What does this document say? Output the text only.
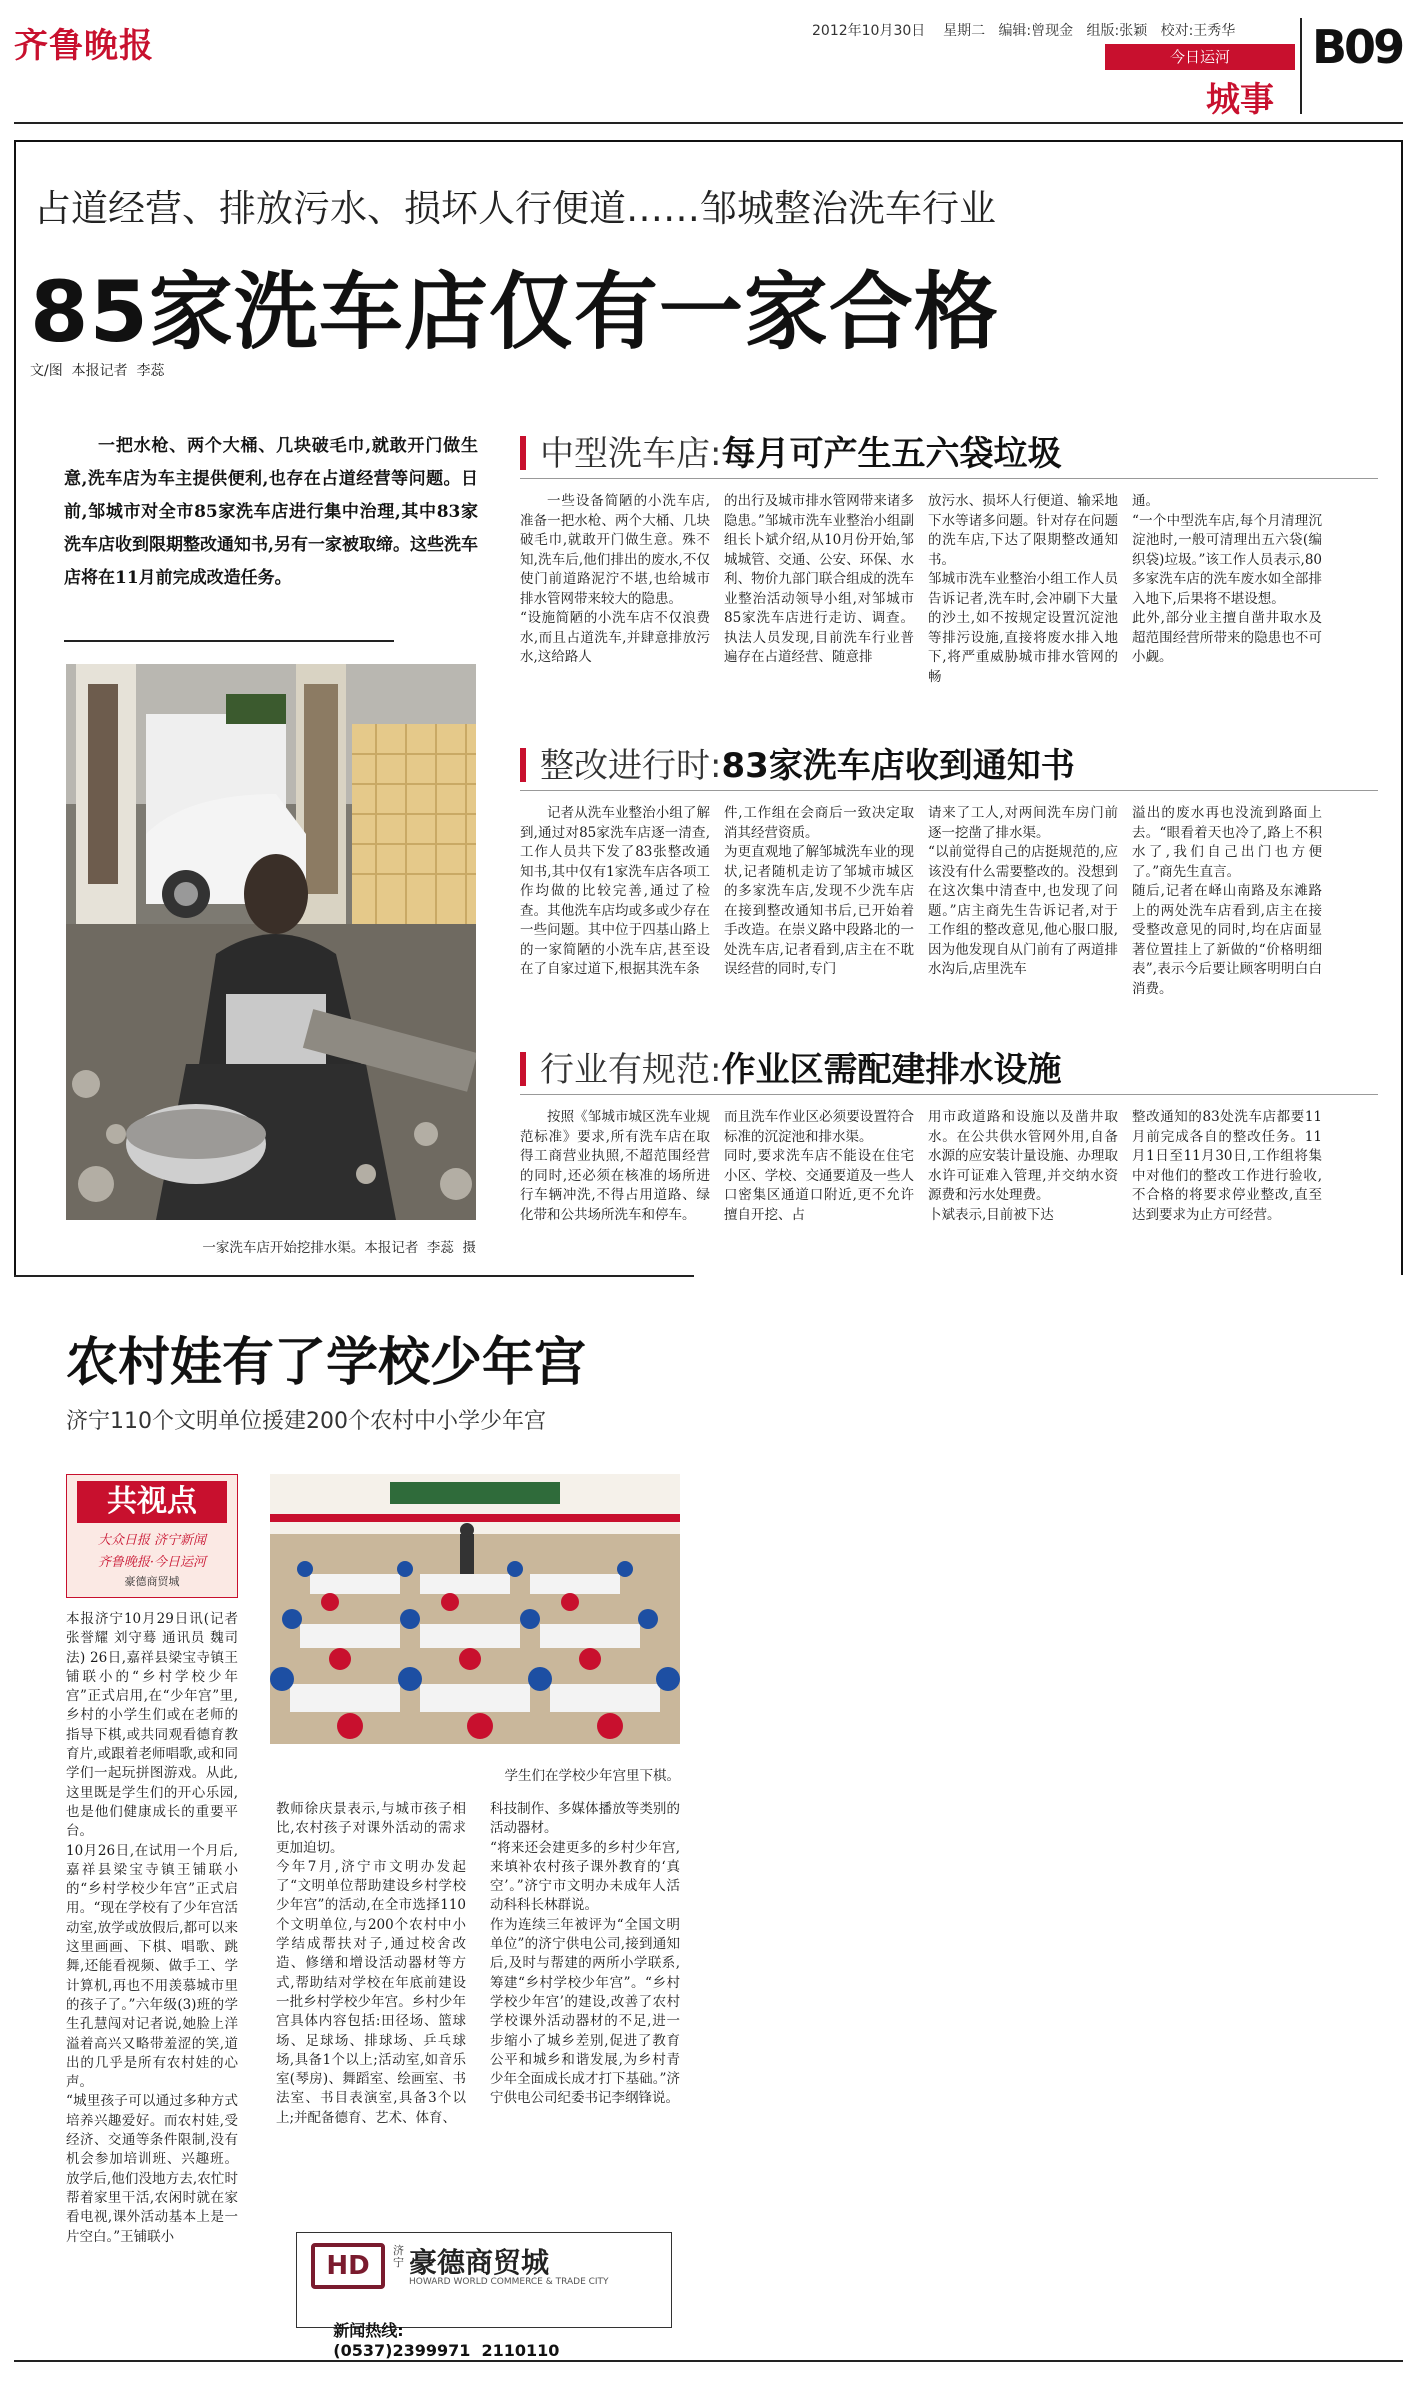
齐鲁晚报	2012年10月30日 星期二 编辑:曾现金 组版:张颖 校对:王秀华
今日运河
城事
B09
占道经营、排放污水、损坏人行便道……邹城整治洗车行业
85家洗车店仅有一家合格
文/图  本报记者  李蕊
一把水枪、两个大桶、几块破毛巾,就敢开门做生意,洗车店为车主提供便利,也存在占道经营等问题。日前,邹城市对全市85家洗车店进行集中治理,其中83家洗车店收到限期整改通知书,另有一家被取缔。这些洗车店将在11月前完成改造任务。
一家洗车店开始挖排水渠。本报记者  李蕊  摄
中型洗车店:每月可产生五六袋垃圾
一些设备简陋的小洗车店,准备一把水枪、两个大桶、几块破毛巾,就敢开门做生意。殊不知,洗车后,他们排出的废水,不仅使门前道路泥泞不堪,也给城市排水管网带来较大的隐患。
“设施简陋的小洗车店不仅浪费水,而且占道洗车,并肆意排放污水,这给路人
的出行及城市排水管网带来诸多隐患。”邹城市洗车业整治小组副组长卜斌介绍,从10月份开始,邹城城管、交通、公安、环保、水利、物价九部门联合组成的洗车业整治活动领导小组,对邹城市85家洗车店进行走访、调查。执法人员发现,目前洗车行业普遍存在占道经营、随意排
放污水、损坏人行便道、输采地下水等诸多问题。针对存在问题的洗车店,下达了限期整改通知书。
邹城市洗车业整治小组工作人员告诉记者,洗车时,会冲刷下大量的沙土,如不按规定设置沉淀池等排污设施,直接将废水排入地下,将严重威胁城市排水管网的畅
通。
“一个中型洗车店,每个月清理沉淀池时,一般可清理出五六袋(编织袋)垃圾。”该工作人员表示,80多家洗车店的洗车废水如全部排入地下,后果将不堪设想。
此外,部分业主擅自凿井取水及超范围经营所带来的隐患也不可小觑。
整改进行时:83家洗车店收到通知书
记者从洗车业整治小组了解到,通过对85家洗车店逐一清查,工作人员共下发了83张整改通知书,其中仅有1家洗车店各项工作均做的比较完善,通过了检查。其他洗车店均或多或少存在一些问题。其中位于四基山路上的一家简陋的小洗车店,甚至设在了自家过道下,根据其洗车条
件,工作组在会商后一致决定取消其经营资质。
为更直观地了解邹城洗车业的现状,记者随机走访了邹城市城区的多家洗车店,发现不少洗车店在接到整改通知书后,已开始着手改造。在崇义路中段路北的一处洗车店,记者看到,店主在不耽误经营的同时,专门
请来了工人,对两间洗车房门前逐一挖凿了排水渠。
“以前觉得自己的店挺规范的,应该没有什么需要整改的。没想到在这次集中清查中,也发现了问题。”店主商先生告诉记者,对于工作组的整改意见,他心服口服,因为他发现自从门前有了两道排水沟后,店里洗车
溢出的废水再也没流到路面上去。“眼看着天也冷了,路上不积水了,我们自己出门也方便了。”商先生直言。
随后,记者在峄山南路及东滩路上的两处洗车店看到,店主在接受整改意见的同时,均在店面显著位置挂上了新做的“价格明细表”,表示今后要让顾客明明白白消费。
行业有规范:作业区需配建排水设施
按照《邹城市城区洗车业规范标准》要求,所有洗车店在取得工商营业执照,不超范围经营的同时,还必须在核准的场所进行车辆冲洗,不得占用道路、绿化带和公共场所洗车和停车。
而且洗车作业区必须要设置符合标准的沉淀池和排水渠。
同时,要求洗车店不能设在住宅小区、学校、交通要道及一些人口密集区通道口附近,更不允许擅自开挖、占
用市政道路和设施以及凿井取水。在公共供水管网外用,自备水源的应安装计量设施、办理取水许可证难入管理,并交纳水资源费和污水处理费。
卜斌表示,目前被下达
整改通知的83处洗车店都要11月前完成各自的整改任务。11月1日至11月30日,工作组将集中对他们的整改工作进行验收,不合格的将要求停业整改,直至达到要求为止方可经营。
农村娃有了学校少年宫
济宁110个文明单位援建200个农村中小学少年宫
共视点
大众日报 济宁新闻
齐鲁晚报·今日运河
豪德商贸城
学生们在学校少年宫里下棋。
本报济宁10月29日讯(记者 张誉耀 刘守蓦 通讯员 魏司法) 26日,嘉祥县梁宝寺镇王铺联小的“乡村学校少年宫”正式启用,在“少年宫”里,乡村的小学生们或在老师的指导下棋,或共同观看德育教育片,或跟着老师唱歌,或和同学们一起玩拼图游戏。从此,这里既是学生们的开心乐园,也是他们健康成长的重要平台。
10月26日,在试用一个月后,嘉祥县梁宝寺镇王铺联小的“乡村学校少年宫”正式启用。“现在学校有了少年宫活动室,放学或放假后,都可以来这里画画、下棋、唱歌、跳舞,还能看视频、做手工、学计算机,再也不用羡慕城市里的孩子了。”六年级(3)班的学生孔慧闯对记者说,她脸上洋溢着高兴又略带羞涩的笑,道出的几乎是所有农村娃的心声。
“城里孩子可以通过多种方式培养兴趣爱好。而农村娃,受经济、交通等条件限制,没有机会参加培训班、兴趣班。放学后,他们没地方去,农忙时帮着家里干活,农闲时就在家看电视,课外活动基本上是一片空白。”王铺联小
教师徐庆景表示,与城市孩子相比,农村孩子对课外活动的需求更加迫切。
今年7月,济宁市文明办发起了“文明单位帮助建设乡村学校少年宫”的活动,在全市选择110个文明单位,与200个农村中小学结成帮扶对子,通过校舍改造、修缮和增设活动器材等方式,帮助结对学校在年底前建设一批乡村学校少年宫。乡村少年宫具体内容包括:田径场、篮球场、足球场、排球场、乒乓球场,具备1个以上;活动室,如音乐室(琴房)、舞蹈室、绘画室、书法室、书目表演室,具备3个以上;并配备德育、艺术、体育、
科技制作、多媒体播放等类别的活动器材。
“将来还会建更多的乡村少年宫,来填补农村孩子课外教育的‘真空’。”济宁市文明办未成年人活动科科长林群说。
作为连续三年被评为“全国文明单位”的济宁供电公司,接到通知后,及时与帮建的两所小学联系,筹建“乡村学校少年宫”。“乡村学校少年宫’的建设,改善了农村学校课外活动器材的不足,进一步缩小了城乡差别,促进了教育公平和城乡和谐发展,为乡村青少年全面成长成才打下基础。”济宁供电公司纪委书记李纲锋说。
HD
济宁 豪德商贸城
HOWARD WORLD COMMERCE & TRADE CITY

新闻热线:
(0537)2399971  2110110
